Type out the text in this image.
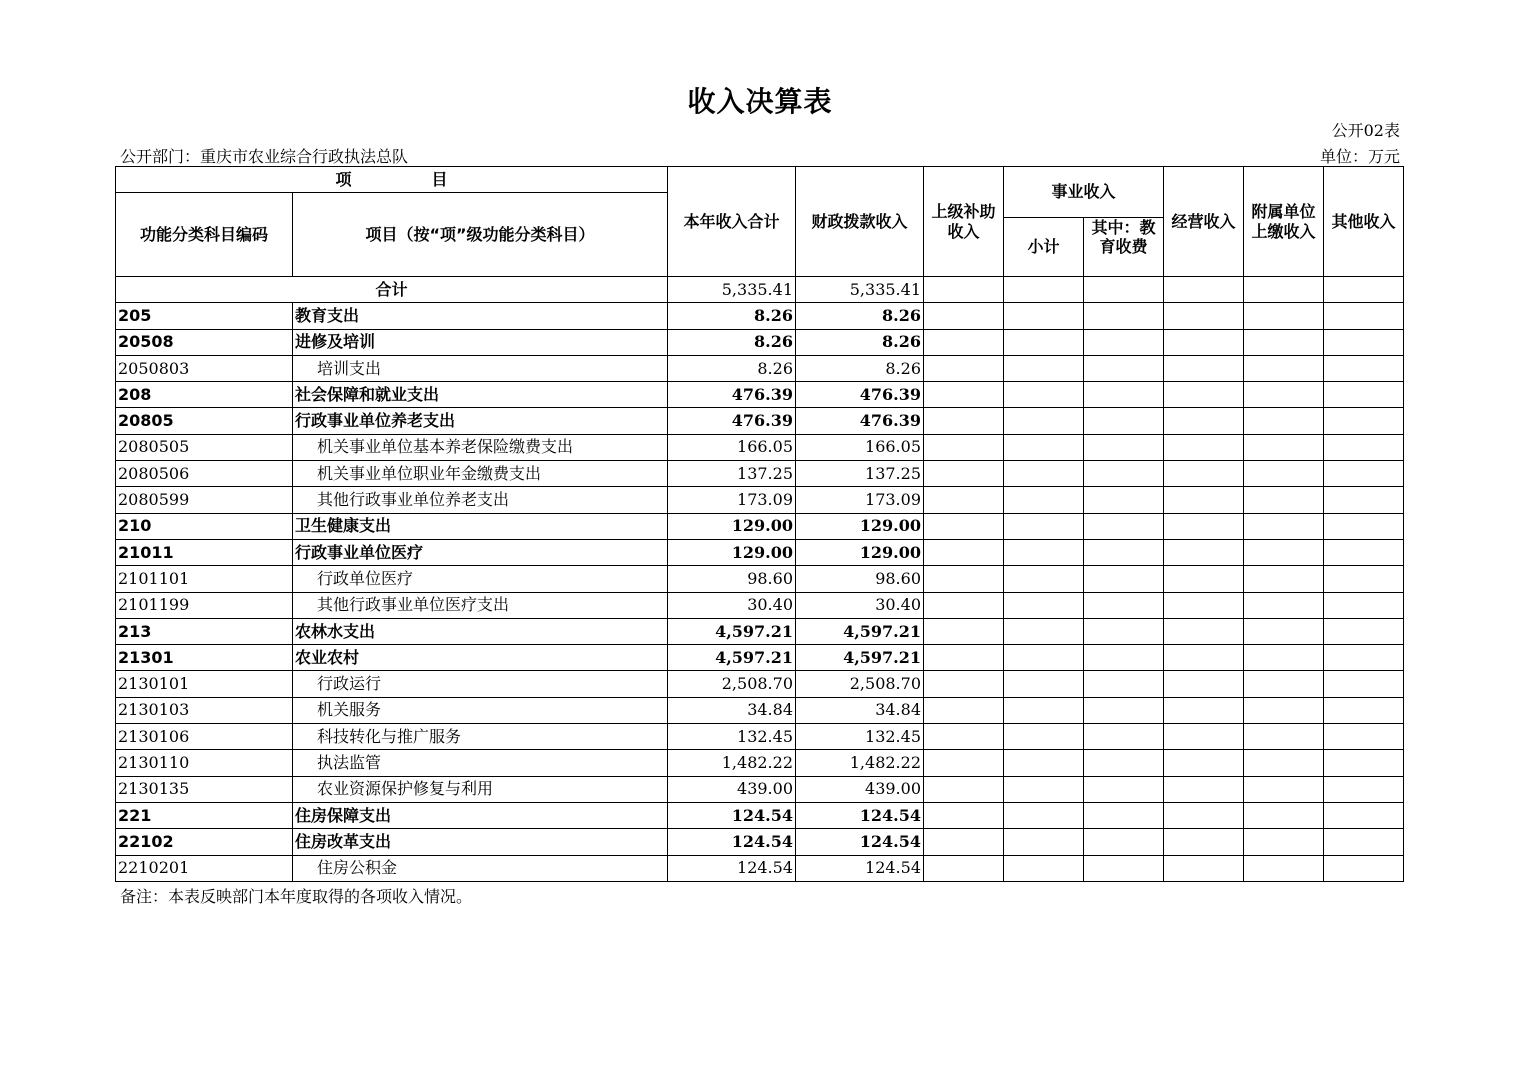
收入决算表
公开02表
公开部门：重庆市农业综合行政执法总队	单位：万元
项　　　　　目		本年收入合计	财政拨款收入	上级补助收入	事业收入		经营收入	附属单位上缴收入	其他收入
功能分类科目编码	项目（按“项”级功能分类科目）								
					小计	其中：教育收费			

合计		5,335.41	5,335.41						
205	教育支出	8.26	8.26						
20508	进修及培训	8.26	8.26						
2050803	培训支出	8.26	8.26						
208	社会保障和就业支出	476.39	476.39						
20805	行政事业单位养老支出	476.39	476.39						
2080505	机关事业单位基本养老保险缴费支出	166.05	166.05						
2080506	机关事业单位职业年金缴费支出	137.25	137.25						
2080599	其他行政事业单位养老支出	173.09	173.09						
210	卫生健康支出	129.00	129.00						
21011	行政事业单位医疗	129.00	129.00						
2101101	行政单位医疗	98.60	98.60						
2101199	其他行政事业单位医疗支出	30.40	30.40						
213	农林水支出	4,597.21	4,597.21						
21301	农业农村	4,597.21	4,597.21						
2130101	行政运行	2,508.70	2,508.70						
2130103	机关服务	34.84	34.84						
2130106	科技转化与推广服务	132.45	132.45						
2130110	执法监管	1,482.22	1,482.22						
2130135	农业资源保护修复与利用	439.00	439.00						
221	住房保障支出	124.54	124.54						
22102	住房改革支出	124.54	124.54						
2210201	住房公积金	124.54	124.54						
备注：本表反映部门本年度取得的各项收入情况。
